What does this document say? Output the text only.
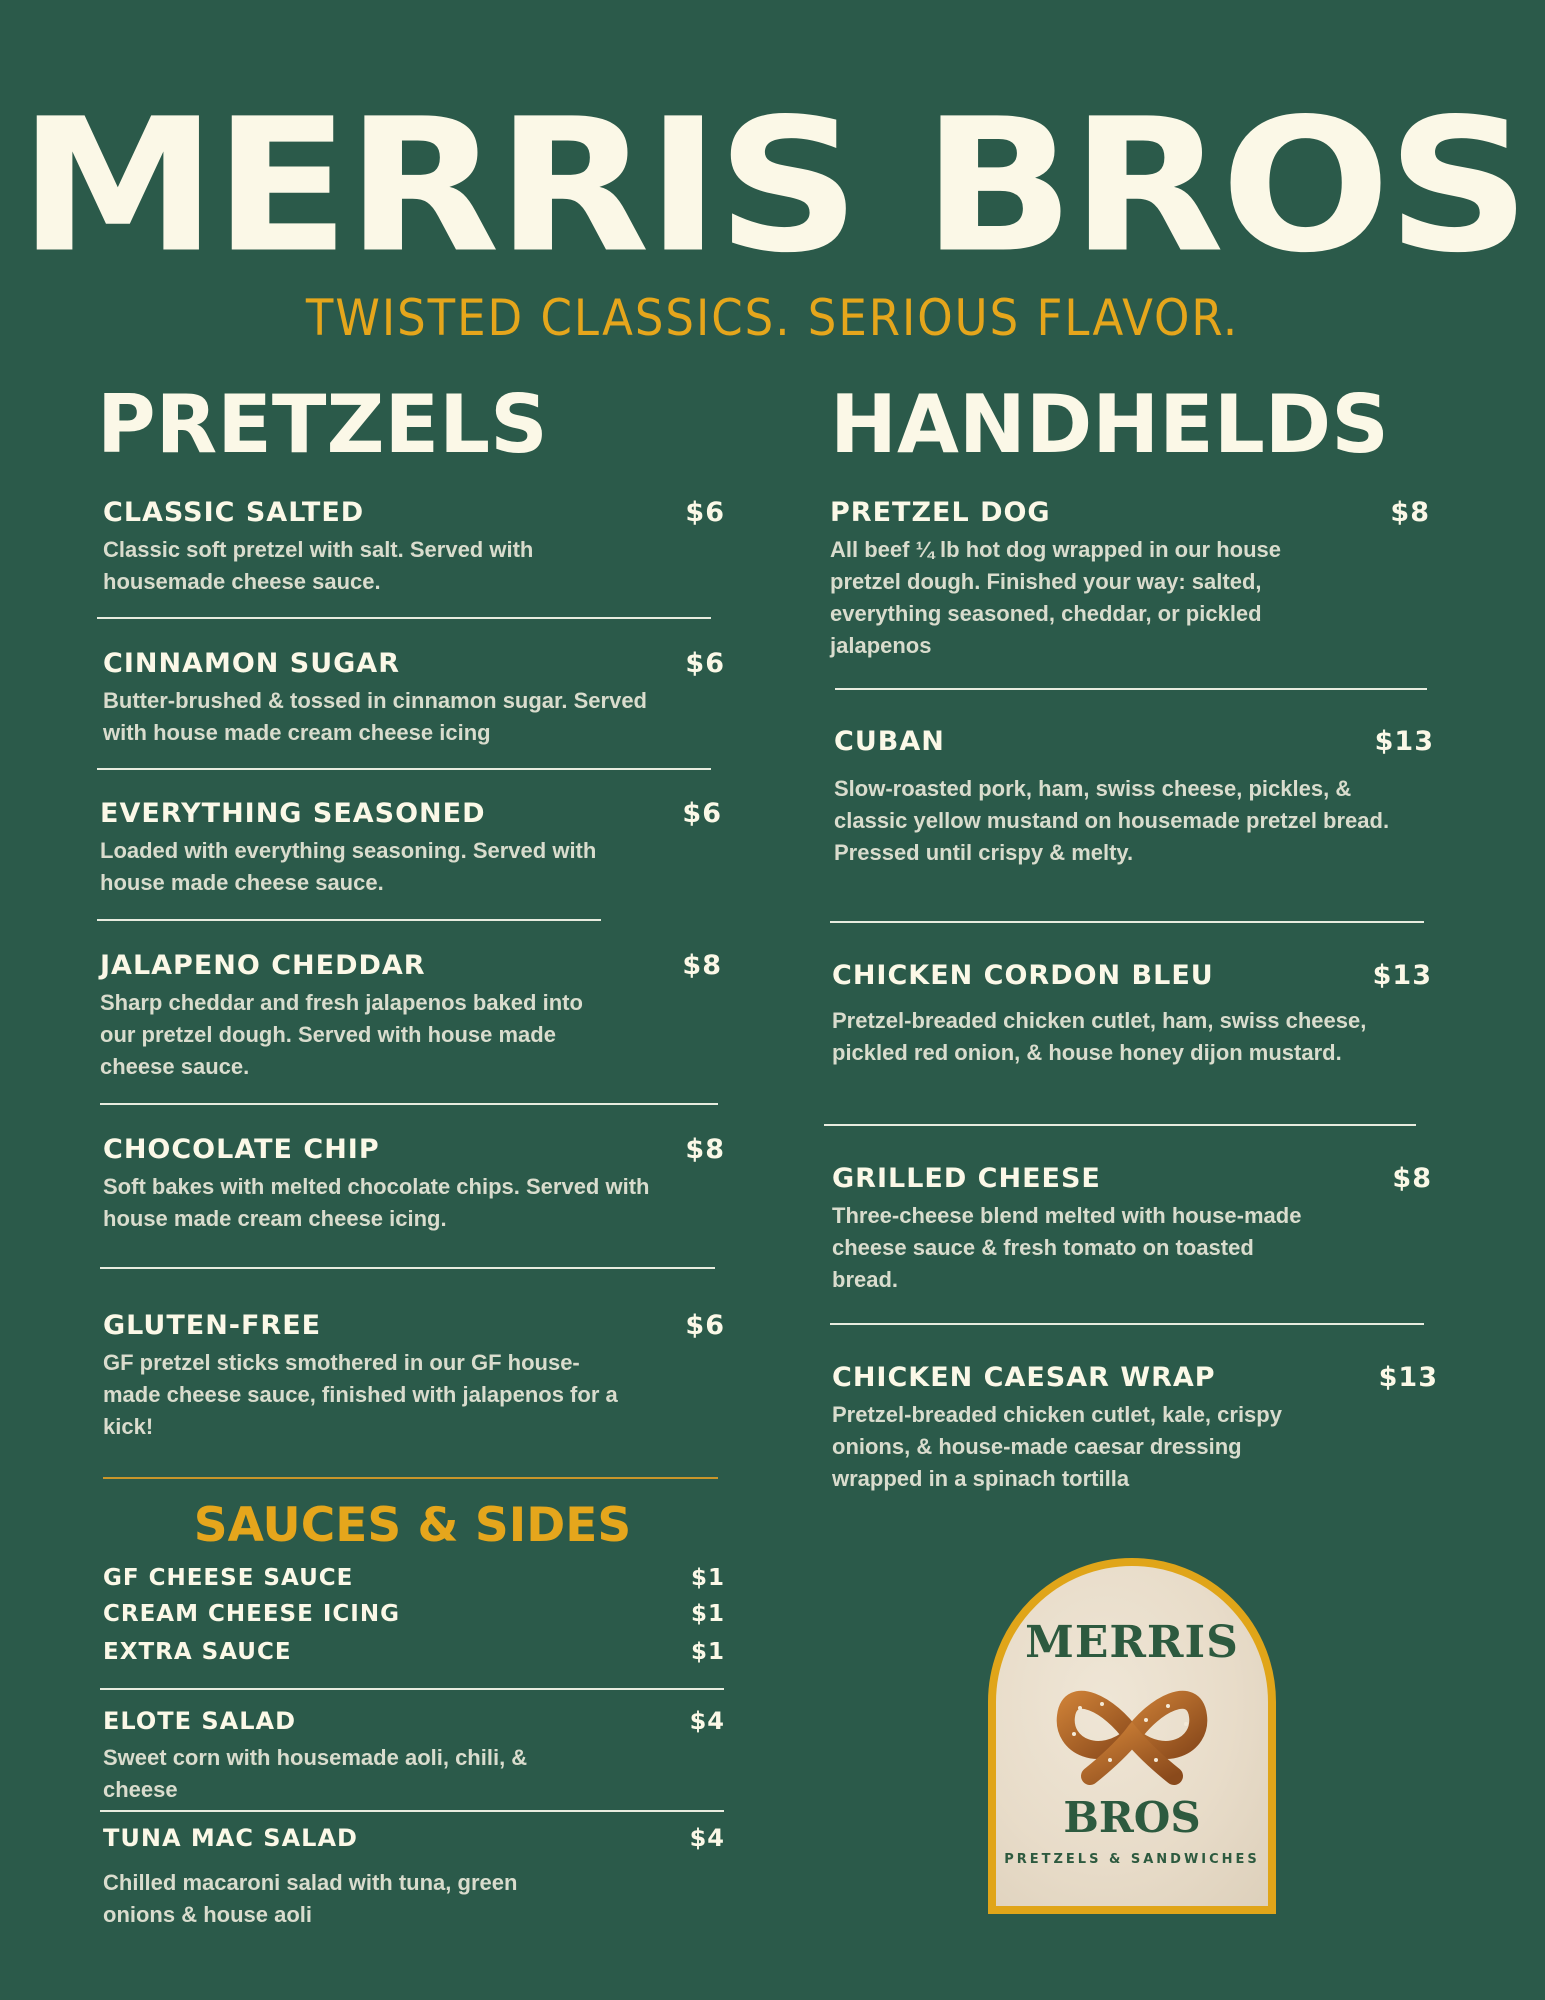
MERRIS BROS
TWISTED CLASSICS. SERIOUS FLAVOR.
PRETZELS
CLASSIC SALTED	$6
Classic soft pretzel with salt. Served with housemade cheese sauce.
CINNAMON SUGAR	$6
Butter-brushed & tossed in cinnamon sugar. Served with house made cream cheese icing
EVERYTHING SEASONED	$6
Loaded with everything seasoning. Served with house made cheese sauce.
JALAPENO CHEDDAR	$8
Sharp cheddar and fresh jalapenos baked into our pretzel dough. Served with house made cheese sauce.
CHOCOLATE CHIP	$8
Soft bakes with melted chocolate chips. Served with house made cream cheese icing.
GLUTEN-FREE	$6
GF pretzel sticks smothered in our GF house-made cheese sauce, finished with jalapenos for a kick!
SAUCES & SIDES
GF CHEESE SAUCE	$1
CREAM CHEESE ICING	$1
EXTRA SAUCE	$1
ELOTE SALAD	$4
Sweet corn with housemade aoli, chili, & cheese
TUNA MAC SALAD	$4
Chilled macaroni salad with tuna, green onions & house aoli
HANDHELDS
PRETZEL DOG	$8
All beef ¼ lb hot dog wrapped in our house pretzel dough. Finished your way: salted, everything seasoned, cheddar, or pickled jalapenos
CUBAN	$13
Slow-roasted pork, ham, swiss cheese, pickles, & classic yellow mustand on housemade pretzel bread. Pressed until crispy & melty.
CHICKEN CORDON BLEU	$13
Pretzel-breaded chicken cutlet, ham, swiss cheese, pickled red onion, & house honey dijon mustard.
GRILLED CHEESE	$8
Three-cheese blend melted with house-made cheese sauce & fresh tomato on toasted bread.
CHICKEN CAESAR WRAP	$13
Pretzel-breaded chicken cutlet, kale, crispy onions, & house-made caesar dressing wrapped in a spinach tortilla
MERRIS
BROS
PRETZELS & SANDWICHES
